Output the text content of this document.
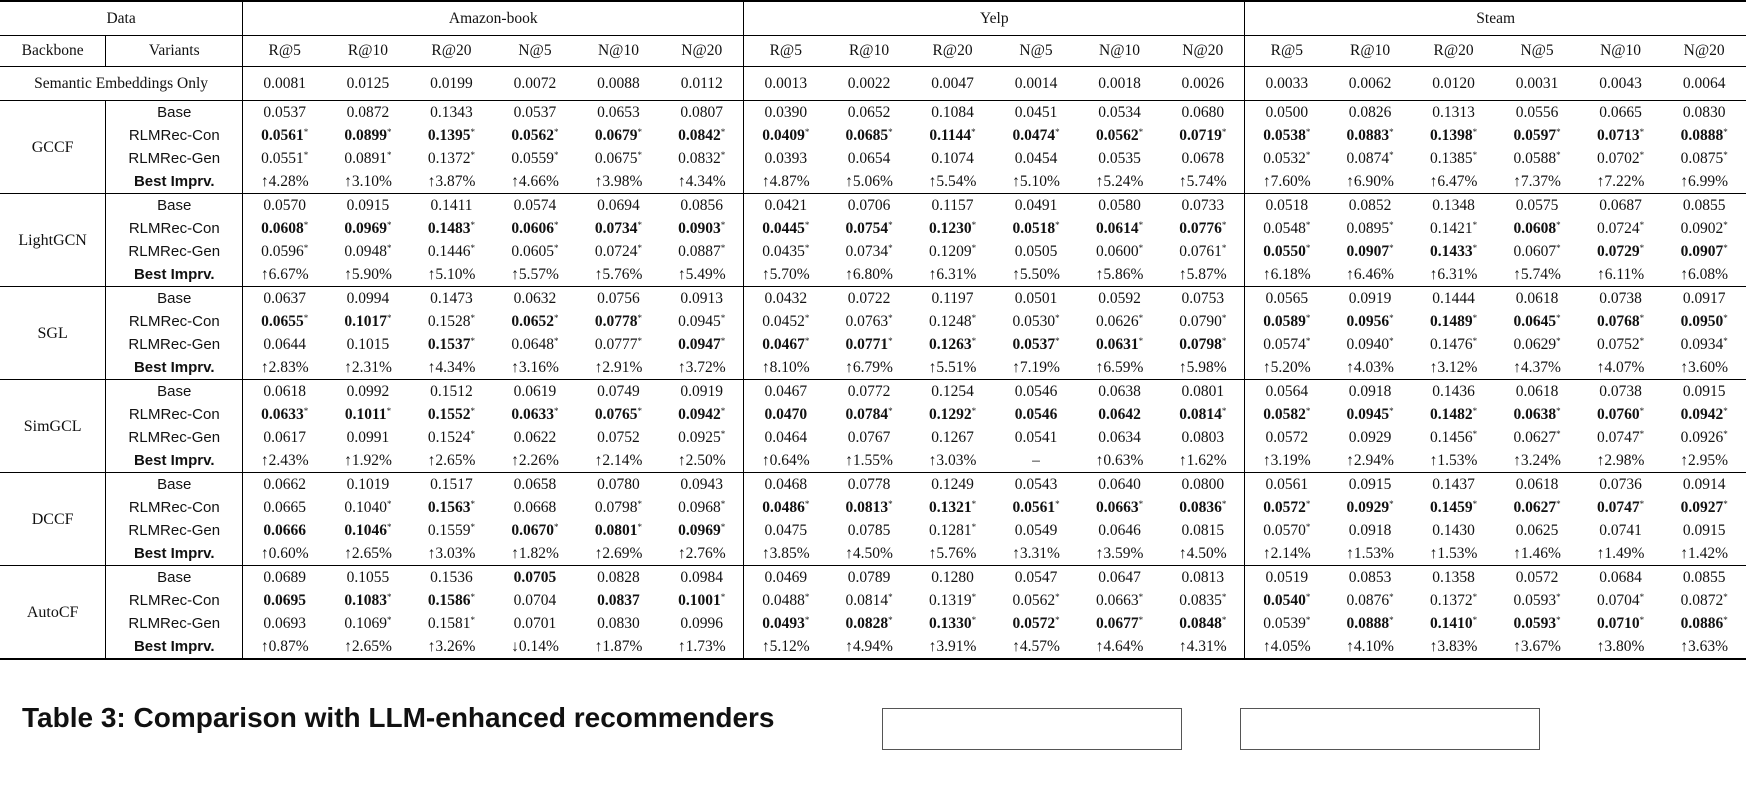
Data		Amazon-book						Yelp						Steam					
Backbone	Variants	R@5	R@10	R@20	N@5	N@10	N@20	R@5	R@10	R@20	N@5	N@10	N@20	R@5	R@10	R@20	N@5	N@10	N@20
Semantic Embeddings Only		0.0081	0.0125	0.0199	0.0072	0.0088	0.0112	0.0013	0.0022	0.0047	0.0014	0.0018	0.0026	0.0033	0.0062	0.0120	0.0031	0.0043	0.0064
GCCF	Base	0.0537	0.0872	0.1343	0.0537	0.0653	0.0807	0.0390	0.0652	0.1084	0.0451	0.0534	0.0680	0.0500	0.0826	0.1313	0.0556	0.0665	0.0830
	RLMRec-Con	0.0561*	0.0899*	0.1395*	0.0562*	0.0679*	0.0842*	0.0409*	0.0685*	0.1144*	0.0474*	0.0562*	0.0719*	0.0538*	0.0883*	0.1398*	0.0597*	0.0713*	0.0888*
	RLMRec-Gen	0.0551*	0.0891*	0.1372*	0.0559*	0.0675*	0.0832*	0.0393	0.0654	0.1074	0.0454	0.0535	0.0678	0.0532*	0.0874*	0.1385*	0.0588*	0.0702*	0.0875*
	Best Imprv.	↑4.28%	↑3.10%	↑3.87%	↑4.66%	↑3.98%	↑4.34%	↑4.87%	↑5.06%	↑5.54%	↑5.10%	↑5.24%	↑5.74%	↑7.60%	↑6.90%	↑6.47%	↑7.37%	↑7.22%	↑6.99%
LightGCN	Base	0.0570	0.0915	0.1411	0.0574	0.0694	0.0856	0.0421	0.0706	0.1157	0.0491	0.0580	0.0733	0.0518	0.0852	0.1348	0.0575	0.0687	0.0855
	RLMRec-Con	0.0608*	0.0969*	0.1483*	0.0606*	0.0734*	0.0903*	0.0445*	0.0754*	0.1230*	0.0518*	0.0614*	0.0776*	0.0548*	0.0895*	0.1421*	0.0608*	0.0724*	0.0902*
	RLMRec-Gen	0.0596*	0.0948*	0.1446*	0.0605*	0.0724*	0.0887*	0.0435*	0.0734*	0.1209*	0.0505	0.0600*	0.0761*	0.0550*	0.0907*	0.1433*	0.0607*	0.0729*	0.0907*
	Best Imprv.	↑6.67%	↑5.90%	↑5.10%	↑5.57%	↑5.76%	↑5.49%	↑5.70%	↑6.80%	↑6.31%	↑5.50%	↑5.86%	↑5.87%	↑6.18%	↑6.46%	↑6.31%	↑5.74%	↑6.11%	↑6.08%
SGL	Base	0.0637	0.0994	0.1473	0.0632	0.0756	0.0913	0.0432	0.0722	0.1197	0.0501	0.0592	0.0753	0.0565	0.0919	0.1444	0.0618	0.0738	0.0917
	RLMRec-Con	0.0655*	0.1017*	0.1528*	0.0652*	0.0778*	0.0945*	0.0452*	0.0763*	0.1248*	0.0530*	0.0626*	0.0790*	0.0589*	0.0956*	0.1489*	0.0645*	0.0768*	0.0950*
	RLMRec-Gen	0.0644	0.1015	0.1537*	0.0648*	0.0777*	0.0947*	0.0467*	0.0771*	0.1263*	0.0537*	0.0631*	0.0798*	0.0574*	0.0940*	0.1476*	0.0629*	0.0752*	0.0934*
	Best Imprv.	↑2.83%	↑2.31%	↑4.34%	↑3.16%	↑2.91%	↑3.72%	↑8.10%	↑6.79%	↑5.51%	↑7.19%	↑6.59%	↑5.98%	↑5.20%	↑4.03%	↑3.12%	↑4.37%	↑4.07%	↑3.60%
SimGCL	Base	0.0618	0.0992	0.1512	0.0619	0.0749	0.0919	0.0467	0.0772	0.1254	0.0546	0.0638	0.0801	0.0564	0.0918	0.1436	0.0618	0.0738	0.0915
	RLMRec-Con	0.0633*	0.1011*	0.1552*	0.0633*	0.0765*	0.0942*	0.0470	0.0784*	0.1292*	0.0546	0.0642	0.0814*	0.0582*	0.0945*	0.1482*	0.0638*	0.0760*	0.0942*
	RLMRec-Gen	0.0617	0.0991	0.1524*	0.0622	0.0752	0.0925*	0.0464	0.0767	0.1267	0.0541	0.0634	0.0803	0.0572	0.0929	0.1456*	0.0627*	0.0747*	0.0926*
	Best Imprv.	↑2.43%	↑1.92%	↑2.65%	↑2.26%	↑2.14%	↑2.50%	↑0.64%	↑1.55%	↑3.03%	–	↑0.63%	↑1.62%	↑3.19%	↑2.94%	↑1.53%	↑3.24%	↑2.98%	↑2.95%
DCCF	Base	0.0662	0.1019	0.1517	0.0658	0.0780	0.0943	0.0468	0.0778	0.1249	0.0543	0.0640	0.0800	0.0561	0.0915	0.1437	0.0618	0.0736	0.0914
	RLMRec-Con	0.0665	0.1040*	0.1563*	0.0668	0.0798*	0.0968*	0.0486*	0.0813*	0.1321*	0.0561*	0.0663*	0.0836*	0.0572*	0.0929*	0.1459*	0.0627*	0.0747*	0.0927*
	RLMRec-Gen	0.0666	0.1046*	0.1559*	0.0670*	0.0801*	0.0969*	0.0475	0.0785	0.1281*	0.0549	0.0646	0.0815	0.0570*	0.0918	0.1430	0.0625	0.0741	0.0915
	Best Imprv.	↑0.60%	↑2.65%	↑3.03%	↑1.82%	↑2.69%	↑2.76%	↑3.85%	↑4.50%	↑5.76%	↑3.31%	↑3.59%	↑4.50%	↑2.14%	↑1.53%	↑1.53%	↑1.46%	↑1.49%	↑1.42%
AutoCF	Base	0.0689	0.1055	0.1536	0.0705	0.0828	0.0984	0.0469	0.0789	0.1280	0.0547	0.0647	0.0813	0.0519	0.0853	0.1358	0.0572	0.0684	0.0855
	RLMRec-Con	0.0695	0.1083*	0.1586*	0.0704	0.0837	0.1001*	0.0488*	0.0814*	0.1319*	0.0562*	0.0663*	0.0835*	0.0540*	0.0876*	0.1372*	0.0593*	0.0704*	0.0872*
	RLMRec-Gen	0.0693	0.1069*	0.1581*	0.0701	0.0830	0.0996	0.0493*	0.0828*	0.1330*	0.0572*	0.0677*	0.0848*	0.0539*	0.0888*	0.1410*	0.0593*	0.0710*	0.0886*
	Best Imprv.	↑0.87%	↑2.65%	↑3.26%	↓0.14%	↑1.87%	↑1.73%	↑5.12%	↑4.94%	↑3.91%	↑4.57%	↑4.64%	↑4.31%	↑4.05%	↑4.10%	↑3.83%	↑3.67%	↑3.80%	↑3.63%
Table 3: Comparison with LLM-enhanced recommenders
